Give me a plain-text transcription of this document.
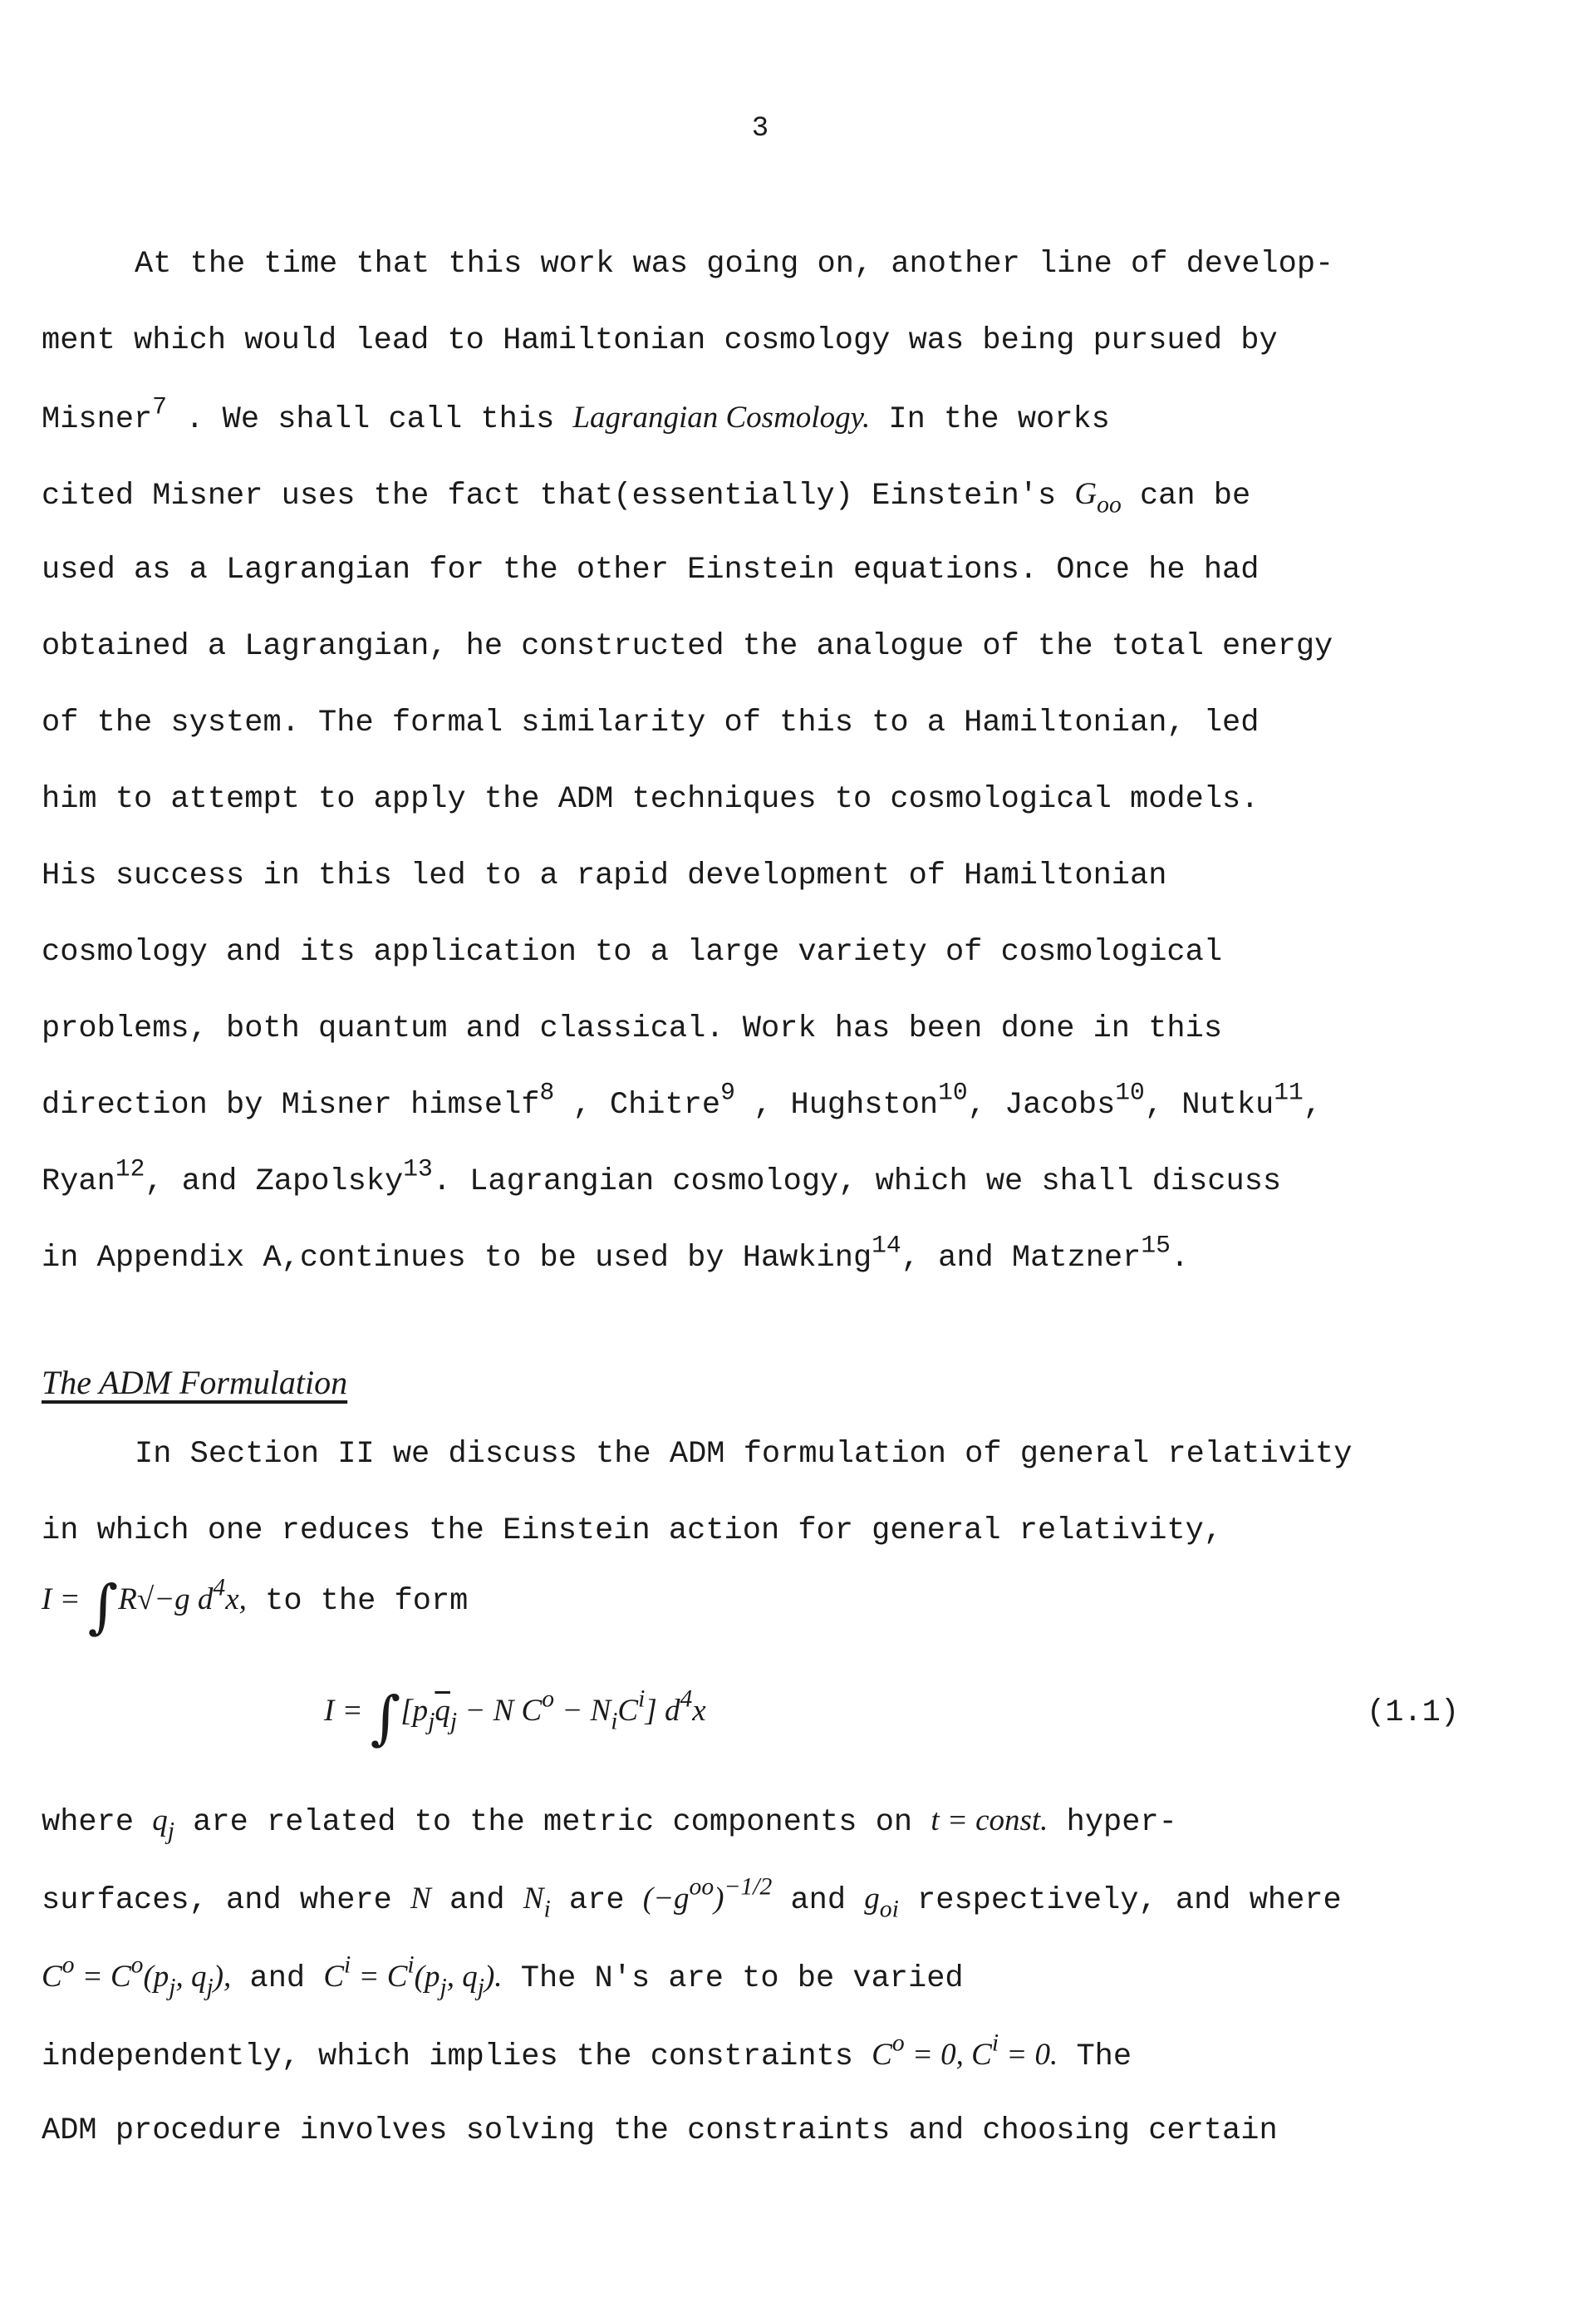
3
At the time that this work was going on, another line of develop-
ment which would lead to Hamiltonian cosmology was being pursued by
Misner$^7$ . We shall call this Lagrangian Cosmology. In the works
cited Misner uses the fact that(essentially) Einstein's $G_{oo}$ can be
used as a Lagrangian for the other Einstein equations. Once he had
obtained a Lagrangian, he constructed the analogue of the total energy
of the system. The formal similarity of this to a Hamiltonian, led
him to attempt to apply the ADM techniques to cosmological models.
His success in this led to a rapid development of Hamiltonian
cosmology and its application to a large variety of cosmological
problems, both quantum and classical. Work has been done in this
direction by Misner himself$^8$ , Chitre$^9$ , Hughston$^{10}$, Jacobs$^{10}$, Nutku$^{11}$,
Ryan$^{12}$, and Zapolsky$^{13}$. Lagrangian cosmology, which we shall discuss
in Appendix A,continues to be used by Hawking$^{14}$, and Matzner$^{15}$.
The ADM Formulation
In Section II we discuss the ADM formulation of general relativity
in which one reduces the Einstein action for general relativity,
I = ∫R√−g $d^4x$, to the form
$I = \int[p_j\overline{q}_j - N$ $C^o - N_iC^i$] $d^4x$	(1.1)
where $q_j$ are related to the metric components on t = const. hyper-
surfaces, and where N and $N_i$ are $(-g^{oo})^{-1/2}$ and $g_{oi}$ respectively, and where
$C^o = C^o(p_j$, $q_j$), and $C^i = C^i(p_j$, $q_j$). The N's are to be varied
independently, which implies the constraints $C^o = 0$, $C^i = 0$. The
ADM procedure involves solving the constraints and choosing certain
